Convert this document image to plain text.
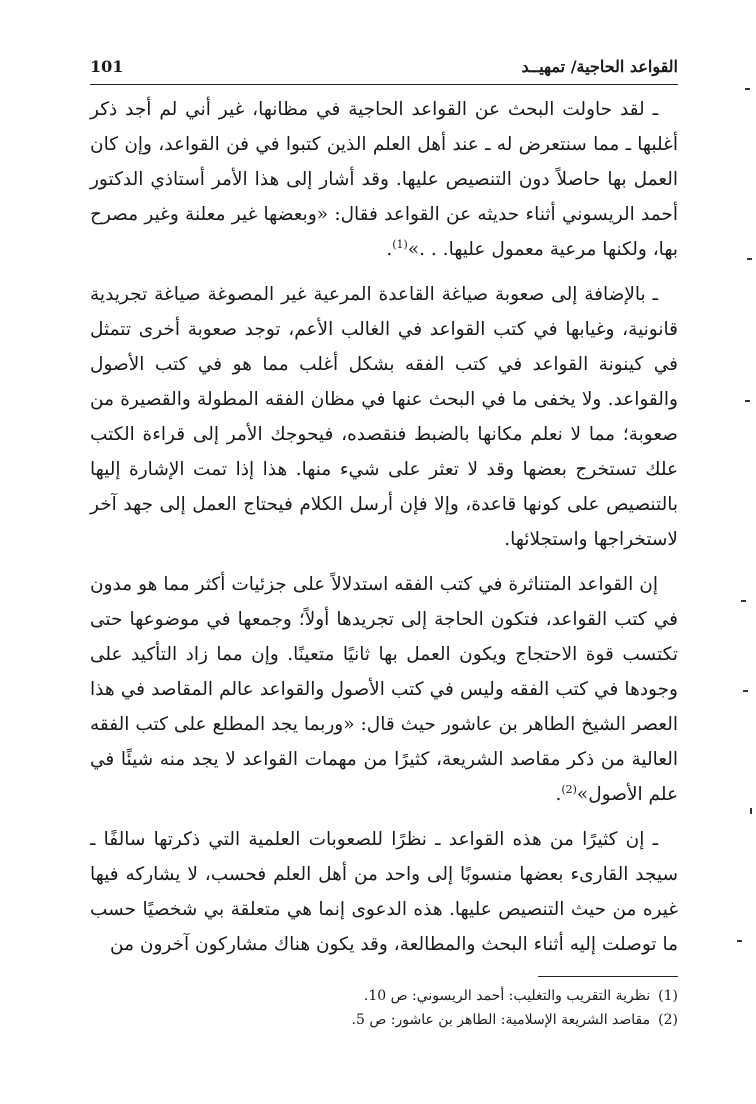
القواعد الحاجية/ تمهيــد
101

ـ لقد حاولت البحث عن القواعد الحاجية في مظانها، غير أني لم أجد ذكر أغلبها ـ مما سنتعرض له ـ عند أهل العلم الذين كتبوا في فن القواعد، وإن كان العمل بها حاصلاً دون التنصيص عليها. وقد أشار إلى هذا الأمر أستاذي الدكتور أحمد الريسوني أثناء حديثه عن القواعد فقال: «وبعضها غير معلنة وغير مصرح بها، ولكنها مرعية معمول عليها. . .»$^{(1)}$.

ـ بالإضافة إلى صعوبة صياغة القاعدة المرعية غير المصوغة صياغة تجريدية قانونية، وغيابها في كتب القواعد في الغالب الأعم، توجد صعوبة أخرى تتمثل في كينونة القواعد في كتب الفقه بشكل أغلب مما هو في كتب الأصول والقواعد. ولا يخفى ما في البحث عنها في مظان الفقه المطولة والقصيرة من صعوبة؛ مما لا نعلم مكانها بالضبط فنقصده، فيحوجك الأمر إلى قراءة الكتب علك تستخرج بعضها وقد لا تعثر على شيء منها. هذا إذا تمت الإشارة إليها بالتنصيص على كونها قاعدة، وإلا فإن أرسل الكلام فيحتاج العمل إلى جهد آخر لاستخراجها واستجلائها.

إن القواعد المتناثرة في كتب الفقه استدلالاً على جزئيات أكثر مما هو مدون في كتب القواعد، فتكون الحاجة إلى تجريدها أولاً؛ وجمعها في موضوعها حتى تكتسب قوة الاحتجاج ويكون العمل بها ثانيًا متعينًا. وإن مما زاد التأكيد على وجودها في كتب الفقه وليس في كتب الأصول والقواعد عالم المقاصد في هذا العصر الشيخ الطاهر بن عاشور حيث قال: «وربما يجد المطلع على كتب الفقه العالية من ذكر مقاصد الشريعة، كثيرًا من مهمات القواعد لا يجد منه شيئًا في علم الأصول»$^{(2)}$.

ـ إن كثيرًا من هذه القواعد ـ نظرًا للصعوبات العلمية التي ذكرتها سالفًا ـ سيجد القارىء بعضها منسوبًا إلى واحد من أهل العلم فحسب، لا يشاركه فيها غيره من حيث التنصيص عليها. هذه الدعوى إنما هي متعلقة بي شخصيًا حسب ما توصلت إليه أثناء البحث والمطالعة، وقد يكون هناك مشاركون آخرون من

(1)نظرية التقريب والتغليب: أحمد الريسوني: ص 10.
(2)مقاصد الشريعة الإسلامية: الطاهر بن عاشور: ص 5.
